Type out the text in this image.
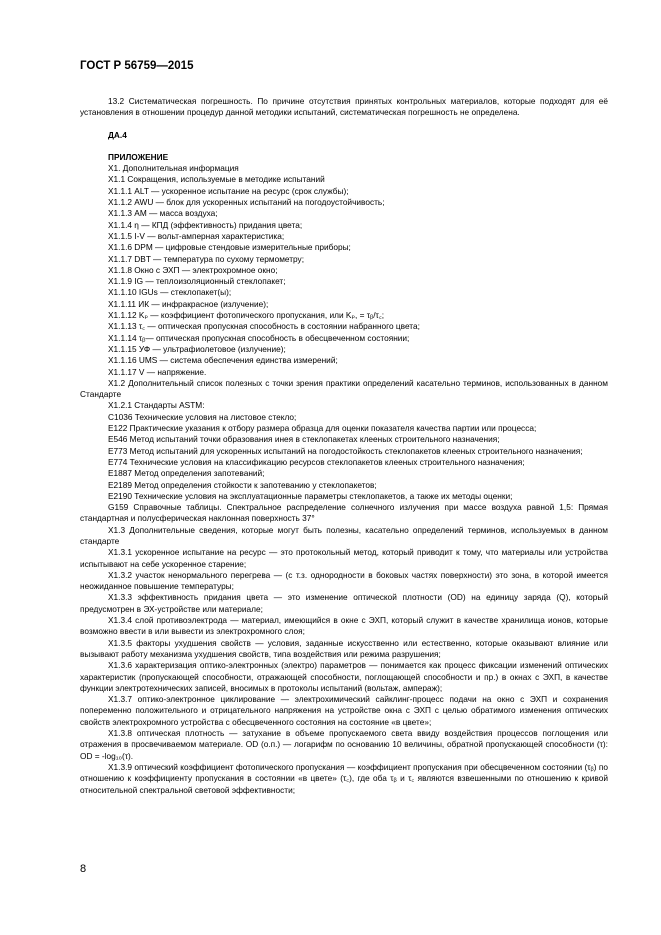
ГОСТ Р 56759—2015

13.2 Систематическая погрешность. По причине отсутствия принятых контрольных материалов, которые подходят для её установления в отношении процедур данной методики испытаний, систематическая погрешность не определена.

ДА.4

ПРИЛОЖЕНИЕ

Х1. Дополнительная информация

Х1.1 Сокращения, используемые в методике испытаний

Х1.1.1 ALT — ускоренное испытание на ресурс (срок службы);

Х1.1.2 AWU — блок для ускоренных испытаний на погодоустойчивость;

Х1.1.3 АМ — масса воздуха;

Х1.1.4 η — КПД (эффективность) придания цвета;

Х1.1.5 I-V — вольт-амперная характеристика;

Х1.1.6 DPM — цифровые стендовые измерительные приборы;

Х1.1.7 DBT — температура по сухому термометру;

Х1.1.8 Окно с ЭХП — электрохромное окно;

Х1.1.9 IG — теплоизоляционный стеклопакет;

Х1.1.10 IGUs — стеклопакет(ы);

Х1.1.11 ИК — инфракрасное (излучение);

Х1.1.12 Kₚ — коэффициент фотопического пропускания, или Kₚ, = τᵦ/τ꜀;

Х1.1.13 τ꜀ — оптическая пропускная способность в состоянии набранного цвета;

Х1.1.14 τᵦ— оптическая пропускная способность в обесцвеченном состоянии;

Х1.1.15 УФ — ультрафиолетовое (излучение);

Х1.1.16 UMS — система обеспечения единства измерений;

Х1.1.17 V — напряжение.

Х1.2 Дополнительный список полезных с точки зрения практики определений касательно терминов, использованных в данном Стандарте

Х1.2.1 Стандарты ASTM:

C1036 Технические условия на листовое стекло;

E122 Практические указания к отбору размера образца для оценки показателя качества партии или процесса;

E546 Метод испытаний точки образования инея в стеклопакетах клееных строительного назначения;

E773 Метод испытаний для ускоренных испытаний на погодостойкость стеклопакетов клееных строительного назначения;

E774 Технические условия на классификацию ресурсов стеклопакетов клееных строительного назначения;

E1887 Метод определения запотеваний;

E2189 Метод определения стойкости к запотеванию у стеклопакетов;

E2190 Технические условия на эксплуатационные параметры стеклопакетов, а также их методы оценки;

G159 Справочные таблицы. Спектральное распределение солнечного излучения при массе воздуха равной 1,5: Прямая стандартная и полусферическая наклонная поверхность 37°

Х1.3 Дополнительные сведения, которые могут быть полезны, касательно определений терминов, используемых в данном стандарте

Х1.3.1 ускоренное испытание на ресурс — это протокольный метод, который приводит к тому, что материалы или устройства испытывают на себе ускоренное старение;

Х1.3.2 участок ненормального перегрева — (с т.з. однородности в боковых частях поверхности) это зона, в которой имеется неожиданное повышение температуры;

Х1.3.3 эффективность придания цвета — это изменение оптической плотности (OD) на единицу заряда (Q), который предусмотрен в ЭХ-устройстве или материале;

Х1.3.4 слой противоэлектрода — материал, имеющийся в окне с ЭХП, который служит в качестве хранилища ионов, которые возможно ввести в или вывести из электрохромного слоя;

Х1.3.5 факторы ухудшения свойств — условия, заданные искусственно или естественно, которые оказывают влияние или вызывают работу механизма ухудшения свойств, типа воздействия или режима разрушения;

Х1.3.6 характеризация оптико-электронных (электро) параметров — понимается как процесс фиксации изменений оптических характеристик (пропускающей способности, отражающей способности, поглощающей способности и пр.) в окнах с ЭХП, в качестве функции электротехнических записей, вносимых в протоколы испытаний (вольтаж, ампераж);

Х1.3.7 оптико-электронное циклирование — электрохимический сайклинг-процесс подачи на окно с ЭХП и сохранения попеременно положительного и отрицательного напряжения на устройстве окна с ЭХП с целью обратимого изменения оптических свойств электрохромного устройства с обесцвеченного состояния на состояние «в цвете»;

Х1.3.8 оптическая плотность — затухание в объеме пропускаемого света ввиду воздействия процессов поглощения или отражения в просвечиваемом материале. OD (о.п.) — логарифм по основанию 10 величины, обратной пропускающей способности (τ): OD = -log₁₀(τ).

Х1.3.9 оптический коэффициент фотопического пропускания — коэффициент пропускания при обесцвеченном состоянии (τᵦ) по отношению к коэффициенту пропускания в состоянии «в цвете» (τ꜀), где оба τᵦ и τ꜀ являются взвешенными по отношению к кривой относительной спектральной световой эффективности;

8
